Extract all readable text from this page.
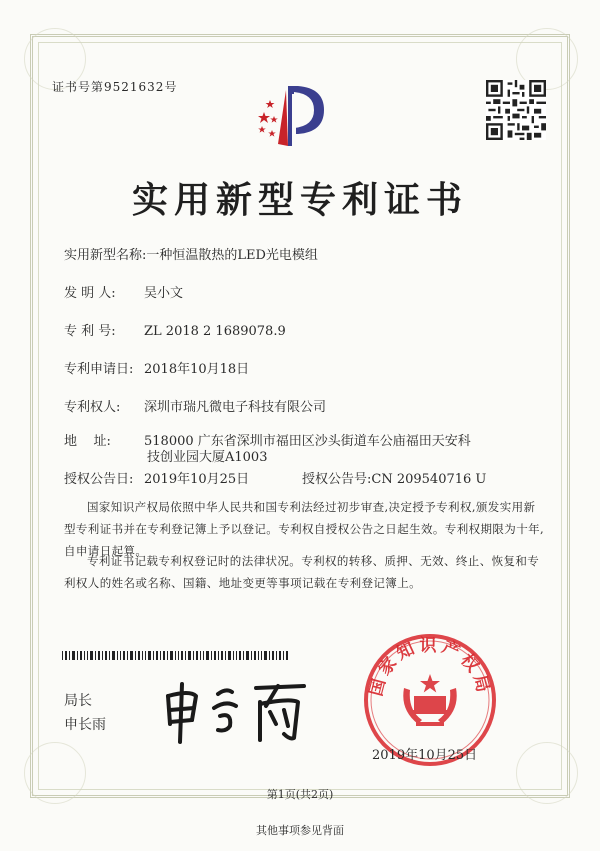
证书号第9521632号
实用新型专利证书
实用新型名称:一种恒温散热的LED光电模组
发 明 人: 吴小文
专 利 号: ZL 2018 2 1689078.9
专利申请日: 2018年10月18日
专利权人: 深圳市瑞凡微电子科技有限公司
地    址:	518000 广东省深圳市福田区沙头街道车公庙福田天安科
技创业园大厦A1003
授权公告日: 2019年10月25日	授权公告号:CN 209540716 U
国家知识产权局依照中华人民共和国专利法经过初步审查,决定授予专利权,颁发实用新型专利证书并在专利登记簿上予以登记。专利权自授权公告之日起生效。专利权期限为十年,自申请日起算。
专利证书记载专利权登记时的法律状况。专利权的转移、质押、无效、终止、恢复和专利权人的姓名或名称、国籍、地址变更等事项记载在专利登记簿上。
局长
申长雨
国家知识产权局
2019年10月25日
第1页(共2页)
其他事项参见背面
